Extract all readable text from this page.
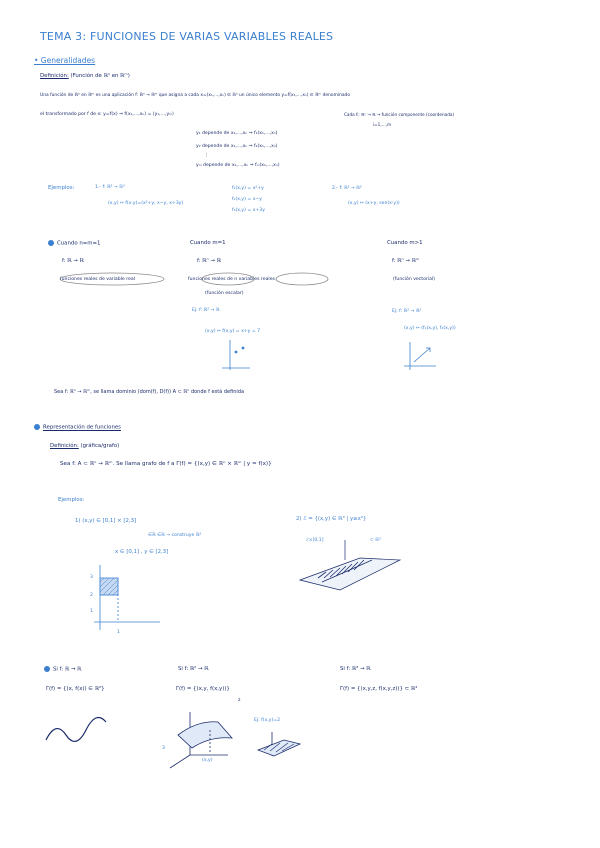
TEMA 3: FUNCIONES DE VARIAS VARIABLES REALES
• Generalidades
Definición: (Función de ℝⁿ en ℝᵐ)
Una función de ℝⁿ en ℝᵐ es una aplicación f: ℝⁿ → ℝᵐ que asigna a cada x=(x₁,...,xₙ) ∈ ℝⁿ un único elemento y=f(x₁,...,xₙ) ∈ ℝᵐ denominado
el transformado por f de x: y=f(x) ⇒ f(x₁,...,xₙ) = (y₁,...,yₘ)	Cada fᵢ: ℝⁿ → ℝ → función componente (coordenada)
i=1,...,m
y₁ depende de x₁,...,xₙ ⇒ f₁(x₁,...,xₙ)
y₂ depende de x₁,...,xₙ ⇒ f₂(x₁,...,xₙ)
⋮
yₘ depende de x₁,...,xₙ ⇒ fₘ(x₁,...,xₙ)
Ejemplos:	1.- f: ℝ² → ℝ³
(x,y) ↦ f(x,y)=(x²+y, x−y, x+3y)
f₁(x,y) = x²+y
f₂(x,y) = x−y
f₃(x,y) = x+3y
2.- f: ℝ³ → ℝ²
(x,y) ↦ (x+y, sen(x·y))
Cuando n=m=1
f: ℝ → ℝ
funciones reales de variable real
Cuando m=1
f: ℝⁿ → ℝ
funciones reales de n variables reales
(función escalar)
Ej: f: ℝ² → ℝ
(x,y) ↦ f(x,y) = x+y = 7
Cuando m>1
f: ℝⁿ → ℝᵐ
(función vectorial)
Ej: f: ℝ² → ℝ²
(x,y) ↦ (f₁(x,y), f₂(x,y))
Sea f: ℝⁿ → ℝᵐ, se llama dominio (dom(f), D(f)) A ⊂ ℝⁿ donde f está definida
Representación de funciones
Definición: (gráfica/grafo)
Sea f: A ⊂ ℝⁿ → ℝᵐ. Se llama grafo de f a Γ(f) = {(x,y) ∈ ℝⁿ × ℝᵐ | y = f(x)}
Ejemplos:
1) (x,y) ∈ [0,1] × [2,3]
∈ℝ ∈ℝ → construye ℝ²
x ∈ [0,1] , y ∈ [2,3]
2) ℰ = {(x,y) ∈ ℝ³ | y≥x²}
ℰ×[0,1]	⊂ ℝ³
3
2
1
1
Si f: ℝ → ℝ
Γ(f) = {(x, f(x)) ∈ ℝ²}
Si f: ℝ² → ℝ
Γ(f) = {(x,y, f(x,y))}
z
Si f: ℝ³ → ℝ
Γ(f) = {(x,y,z, f(x,y,z))} ⊂ ℝ⁴
Ej: f(x,y)=2
(x,y)
3
